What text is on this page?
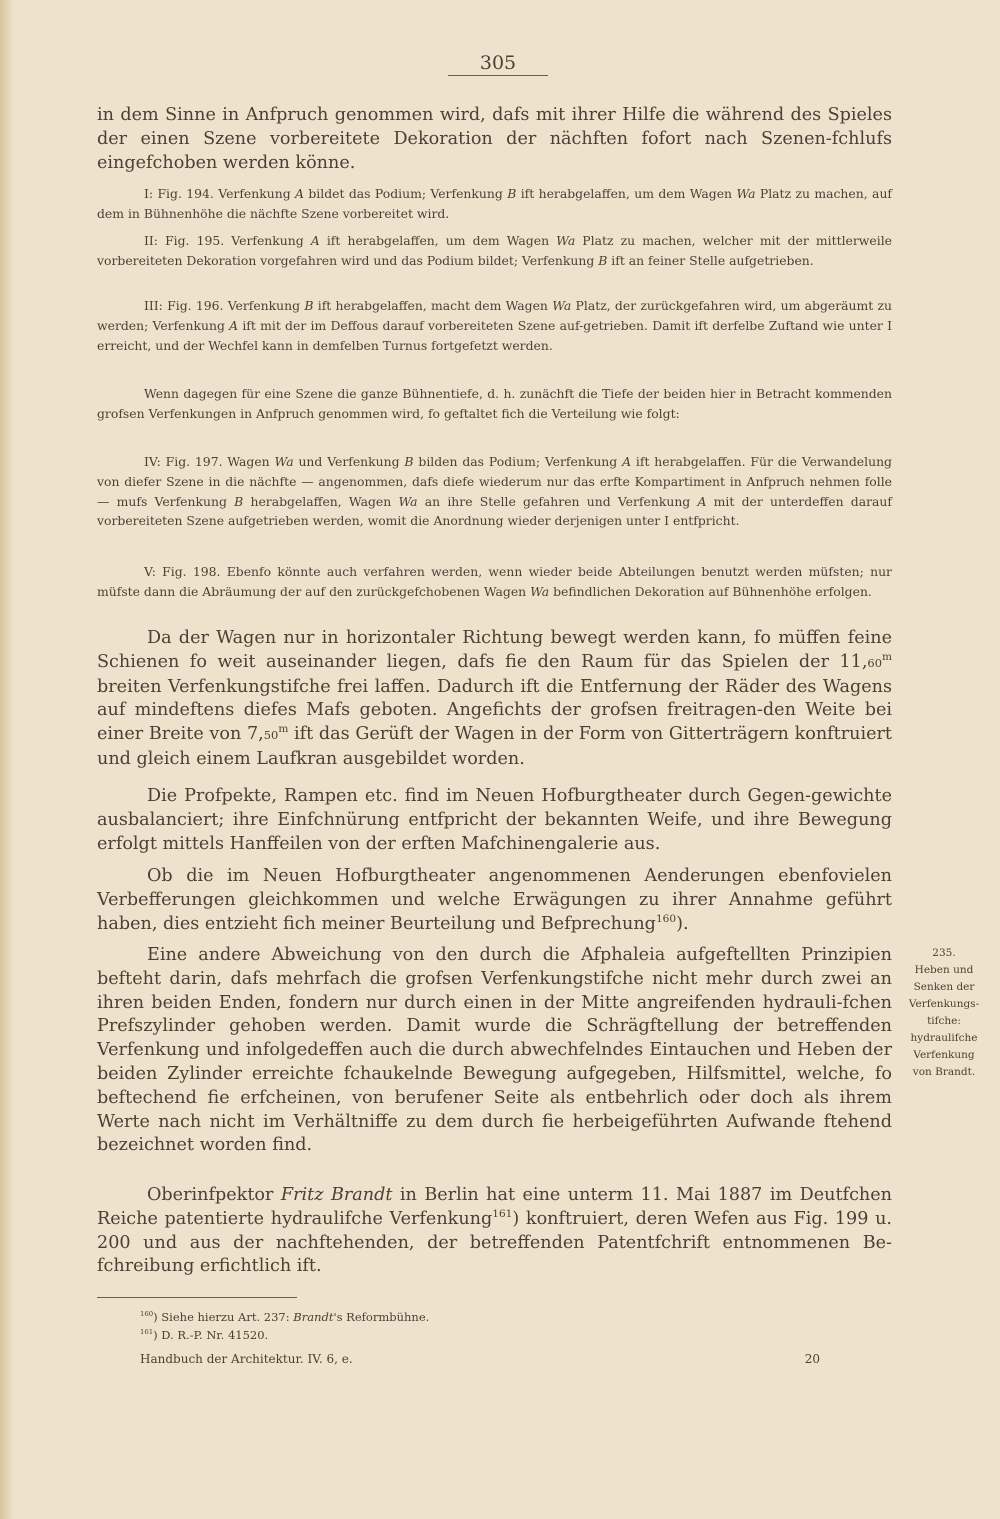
305

in dem Sinne in Anfpruch genommen wird, dafs mit ihrer Hilfe die während des Spieles der einen Szene vorbereitete Dekoration der nächften fofort nach Szenen-fchlufs eingefchoben werden könne.

I: Fig. 194. Verfenkung A bildet das Podium; Verfenkung B ift herabgelaffen, um dem Wagen Wa Platz zu machen, auf dem in Bühnenhöhe die nächfte Szene vorbereitet wird.

II: Fig. 195. Verfenkung A ift herabgelaffen, um dem Wagen Wa Platz zu machen, welcher mit der mittlerweile vorbereiteten Dekoration vorgefahren wird und das Podium bildet; Verfenkung B ift an feiner Stelle aufgetrieben.

III: Fig. 196. Verfenkung B ift herabgelaffen, macht dem Wagen Wa Platz, der zurückgefahren wird, um abgeräumt zu werden; Verfenkung A ift mit der im Deffous darauf vorbereiteten Szene auf-getrieben. Damit ift derfelbe Zuftand wie unter I erreicht, und der Wechfel kann in demfelben Turnus fortgefetzt werden.

Wenn dagegen für eine Szene die ganze Bühnentiefe, d. h. zunächft die Tiefe der beiden hier in Betracht kommenden grofsen Verfenkungen in Anfpruch genommen wird, fo geftaltet fich die Verteilung wie folgt:

IV: Fig. 197. Wagen Wa und Verfenkung B bilden das Podium; Verfenkung A ift herabgelaffen. Für die Verwandelung von diefer Szene in die nächfte — angenommen, dafs diefe wiederum nur das erfte Kompartiment in Anfpruch nehmen folle — mufs Verfenkung B herabgelaffen, Wagen Wa an ihre Stelle gefahren und Verfenkung A mit der unterdeffen darauf vorbereiteten Szene aufgetrieben werden, womit die Anordnung wieder derjenigen unter I entfpricht.

V: Fig. 198. Ebenfo könnte auch verfahren werden, wenn wieder beide Abteilungen benutzt werden müfsten; nur müfste dann die Abräumung der auf den zurückgefchobenen Wagen Wa befindlichen Dekoration auf Bühnenhöhe erfolgen.

Da der Wagen nur in horizontaler Richtung bewegt werden kann, fo müffen feine Schienen fo weit auseinander liegen, dafs fie den Raum für das Spielen der 11,60$^m$ breiten Verfenkungstifche frei laffen. Dadurch ift die Entfernung der Räder des Wagens auf mindeftens diefes Mafs geboten. Angefichts der grofsen freitragen-den Weite bei einer Breite von 7,50$^m$ ift das Gerüft der Wagen in der Form von Gitterträgern konftruiert und gleich einem Laufkran ausgebildet worden.

Die Profpekte, Rampen etc. find im Neuen Hofburgtheater durch Gegen-gewichte ausbalanciert; ihre Einfchnürung entfpricht der bekannten Weife, und ihre Bewegung erfolgt mittels Hanffeilen von der erften Mafchinengalerie aus.

Ob die im Neuen Hofburgtheater angenommenen Aenderungen ebenfovielen Verbefferungen gleichkommen und welche Erwägungen zu ihrer Annahme geführt haben, dies entzieht fich meiner Beurteilung und Befprechung$^{160}$).

Eine andere Abweichung von den durch die Afphaleia aufgeftellten Prinzipien befteht darin, dafs mehrfach die grofsen Verfenkungstifche nicht mehr durch zwei an ihren beiden Enden, fondern nur durch einen in der Mitte angreifenden hydrauli-fchen Prefszylinder gehoben werden. Damit wurde die Schrägftellung der betreffenden Verfenkung und infolgedeffen auch die durch abwechfelndes Eintauchen und Heben der beiden Zylinder erreichte fchaukelnde Bewegung aufgegeben, Hilfsmittel, welche, fo beftechend fie erfcheinen, von berufener Seite als entbehrlich oder doch als ihrem Werte nach nicht im Verhältniffe zu dem durch fie herbeigeführten Aufwande ftehend bezeichnet worden find.

Oberinfpektor Fritz Brandt in Berlin hat eine unterm 11. Mai 1887 im Deutfchen Reiche patentierte hydraulifche Verfenkung$^{161}$) konftruiert, deren Wefen aus Fig. 199 u. 200 und aus der nachftehenden, der betreffenden Patentfchrift entnommenen Be-fchreibung erfichtlich ift.

235.
Heben und
Senken der
Verfenkungs-
tifche:
hydraulifche
Verfenkung
von Brandt.
$^{160}$) Siehe hierzu Art. 237: Brandt's Reformbühne.
$^{161}$) D. R.-P. Nr. 41520.
Handbuch der Architektur. IV. 6, e.	20
